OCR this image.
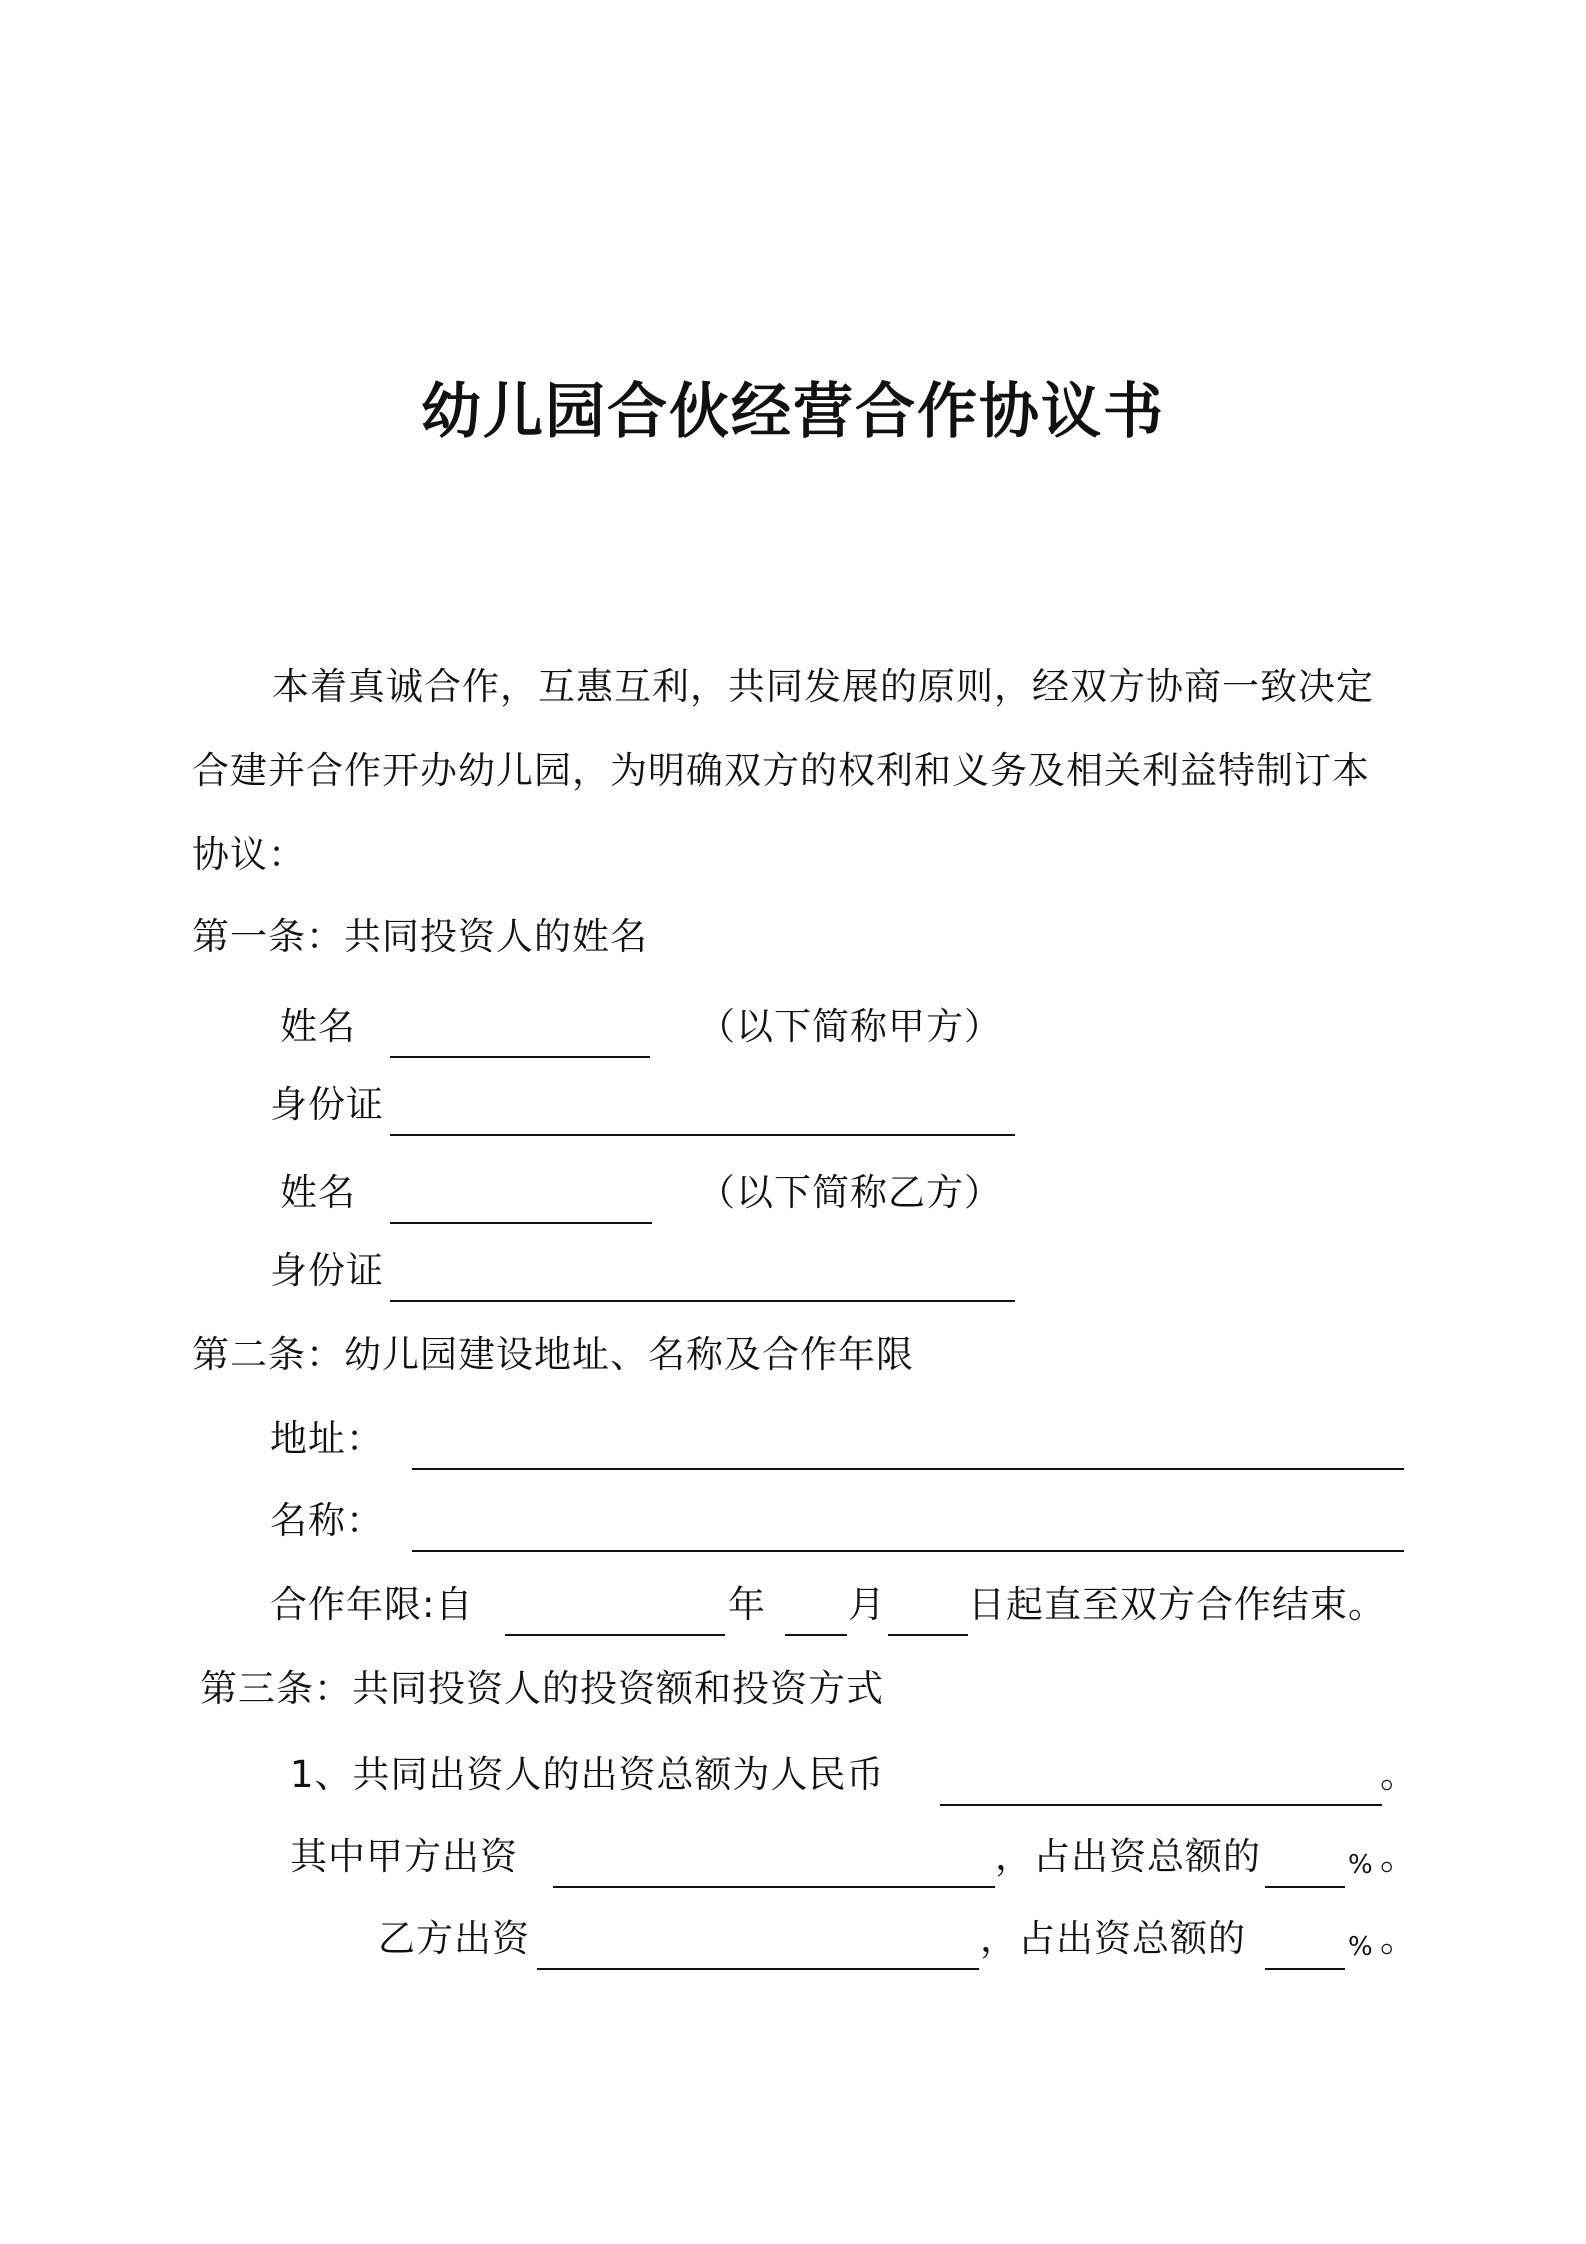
幼儿园合伙经营合作协议书
本着真诚合作，互惠互利，共同发展的原则，经双方协商一致决定合建并合作开办幼儿园，为明确双方的权利和义务及相关利益特制订本协议：
第一条：共同投资人的姓名
姓名	（以下简称甲方）
身份证
姓名	（以下简称乙方）
身份证
第二条：幼儿园建设地址、名称及合作年限
地址：
名称：
合作年限:自	年 月 日起直至双方合作结束。
第三条：共同投资人的投资额和投资方式
1、共同出资人的出资总额为人民币	。
其中甲方出资	，占出资总额的	% 。
乙方出资	，占出资总额的	% 。
